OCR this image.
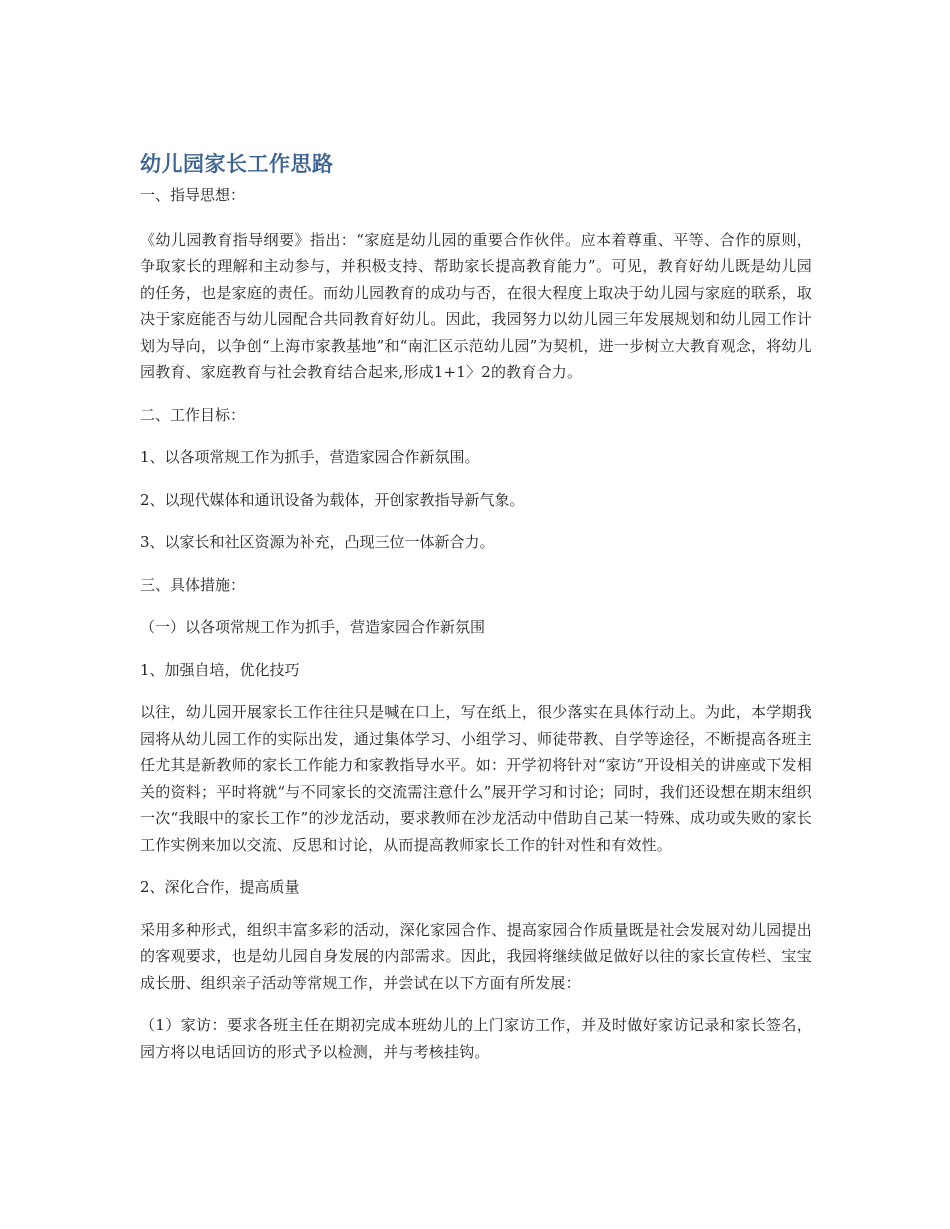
幼儿园家长工作思路
一、指导思想：
《幼儿园教育指导纲要》指出：“家庭是幼儿园的重要合作伙伴。应本着尊重、平等、合作的原则，争取家长的理解和主动参与，并积极支持、帮助家长提高教育能力”。可见，教育好幼儿既是幼儿园的任务，也是家庭的责任。而幼儿园教育的成功与否，在很大程度上取决于幼儿园与家庭的联系，取决于家庭能否与幼儿园配合共同教育好幼儿。因此，我园努力以幼儿园三年发展规划和幼儿园工作计划为导向，以争创“上海市家教基地”和“南汇区示范幼儿园”为契机，进一步树立大教育观念，将幼儿园教育、家庭教育与社会教育结合起来,形成1+1〉2的教育合力。
二、工作目标：
1、以各项常规工作为抓手，营造家园合作新氛围。
2、以现代媒体和通讯设备为载体，开创家教指导新气象。
3、以家长和社区资源为补充，凸现三位一体新合力。
三、具体措施：
（一）以各项常规工作为抓手，营造家园合作新氛围
1、加强自培，优化技巧
以往，幼儿园开展家长工作往往只是喊在口上，写在纸上，很少落实在具体行动上。为此，本学期我园将从幼儿园工作的实际出发，通过集体学习、小组学习、师徒带教、自学等途径，不断提高各班主任尤其是新教师的家长工作能力和家教指导水平。如：开学初将针对“家访”开设相关的讲座或下发相关的资料；平时将就“与不同家长的交流需注意什么”展开学习和讨论；同时，我们还设想在期末组织一次“我眼中的家长工作”的沙龙活动，要求教师在沙龙活动中借助自己某一特殊、成功或失败的家长工作实例来加以交流、反思和讨论，从而提高教师家长工作的针对性和有效性。
2、深化合作，提高质量
采用多种形式，组织丰富多彩的活动，深化家园合作、提高家园合作质量既是社会发展对幼儿园提出的客观要求，也是幼儿园自身发展的内部需求。因此，我园将继续做足做好以往的家长宣传栏、宝宝成长册、组织亲子活动等常规工作，并尝试在以下方面有所发展：
（1）家访：要求各班主任在期初完成本班幼儿的上门家访工作，并及时做好家访记录和家长签名，园方将以电话回访的形式予以检测，并与考核挂钩。
